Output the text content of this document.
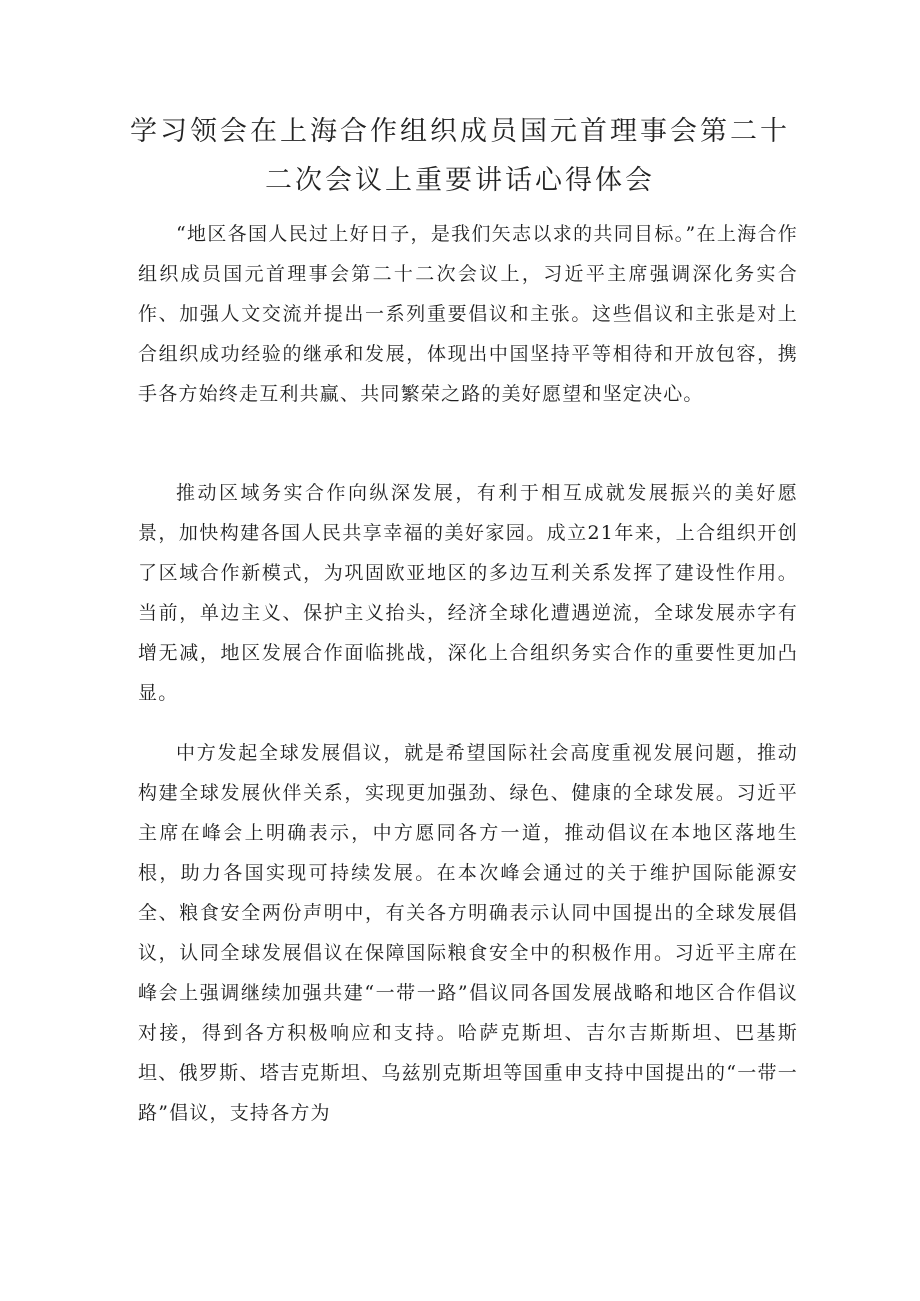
学习领会在上海合作组织成员国元首理事会第二十
二次会议上重要讲话心得体会

“地区各国人民过上好日子，是我们矢志以求的共同目标。”在上海合作组织成员国元首理事会第二十二次会议上，习近平主席强调深化务实合作、加强人文交流并提出一系列重要倡议和主张。这些倡议和主张是对上合组织成功经验的继承和发展，体现出中国坚持平等相待和开放包容，携手各方始终走互利共赢、共同繁荣之路的美好愿望和坚定决心。

推动区域务实合作向纵深发展，有利于相互成就发展振兴的美好愿景，加快构建各国人民共享幸福的美好家园。成立21年来，上合组织开创了区域合作新模式，为巩固欧亚地区的多边互利关系发挥了建设性作用。当前，单边主义、保护主义抬头，经济全球化遭遇逆流，全球发展赤字有增无减，地区发展合作面临挑战，深化上合组织务实合作的重要性更加凸显。

中方发起全球发展倡议，就是希望国际社会高度重视发展问题，推动构建全球发展伙伴关系，实现更加强劲、绿色、健康的全球发展。习近平主席在峰会上明确表示，中方愿同各方一道，推动倡议在本地区落地生根，助力各国实现可持续发展。在本次峰会通过的关于维护国际能源安全、粮食安全两份声明中，有关各方明确表示认同中国提出的全球发展倡议，认同全球发展倡议在保障国际粮食安全中的积极作用。习近平主席在峰会上强调继续加强共建“一带一路”倡议同各国发展战略和地区合作倡议对接，得到各方积极响应和支持。哈萨克斯坦、吉尔吉斯斯坦、巴基斯坦、俄罗斯、塔吉克斯坦、乌兹别克斯坦等国重申支持中国提出的“一带一路”倡议，支持各方为
